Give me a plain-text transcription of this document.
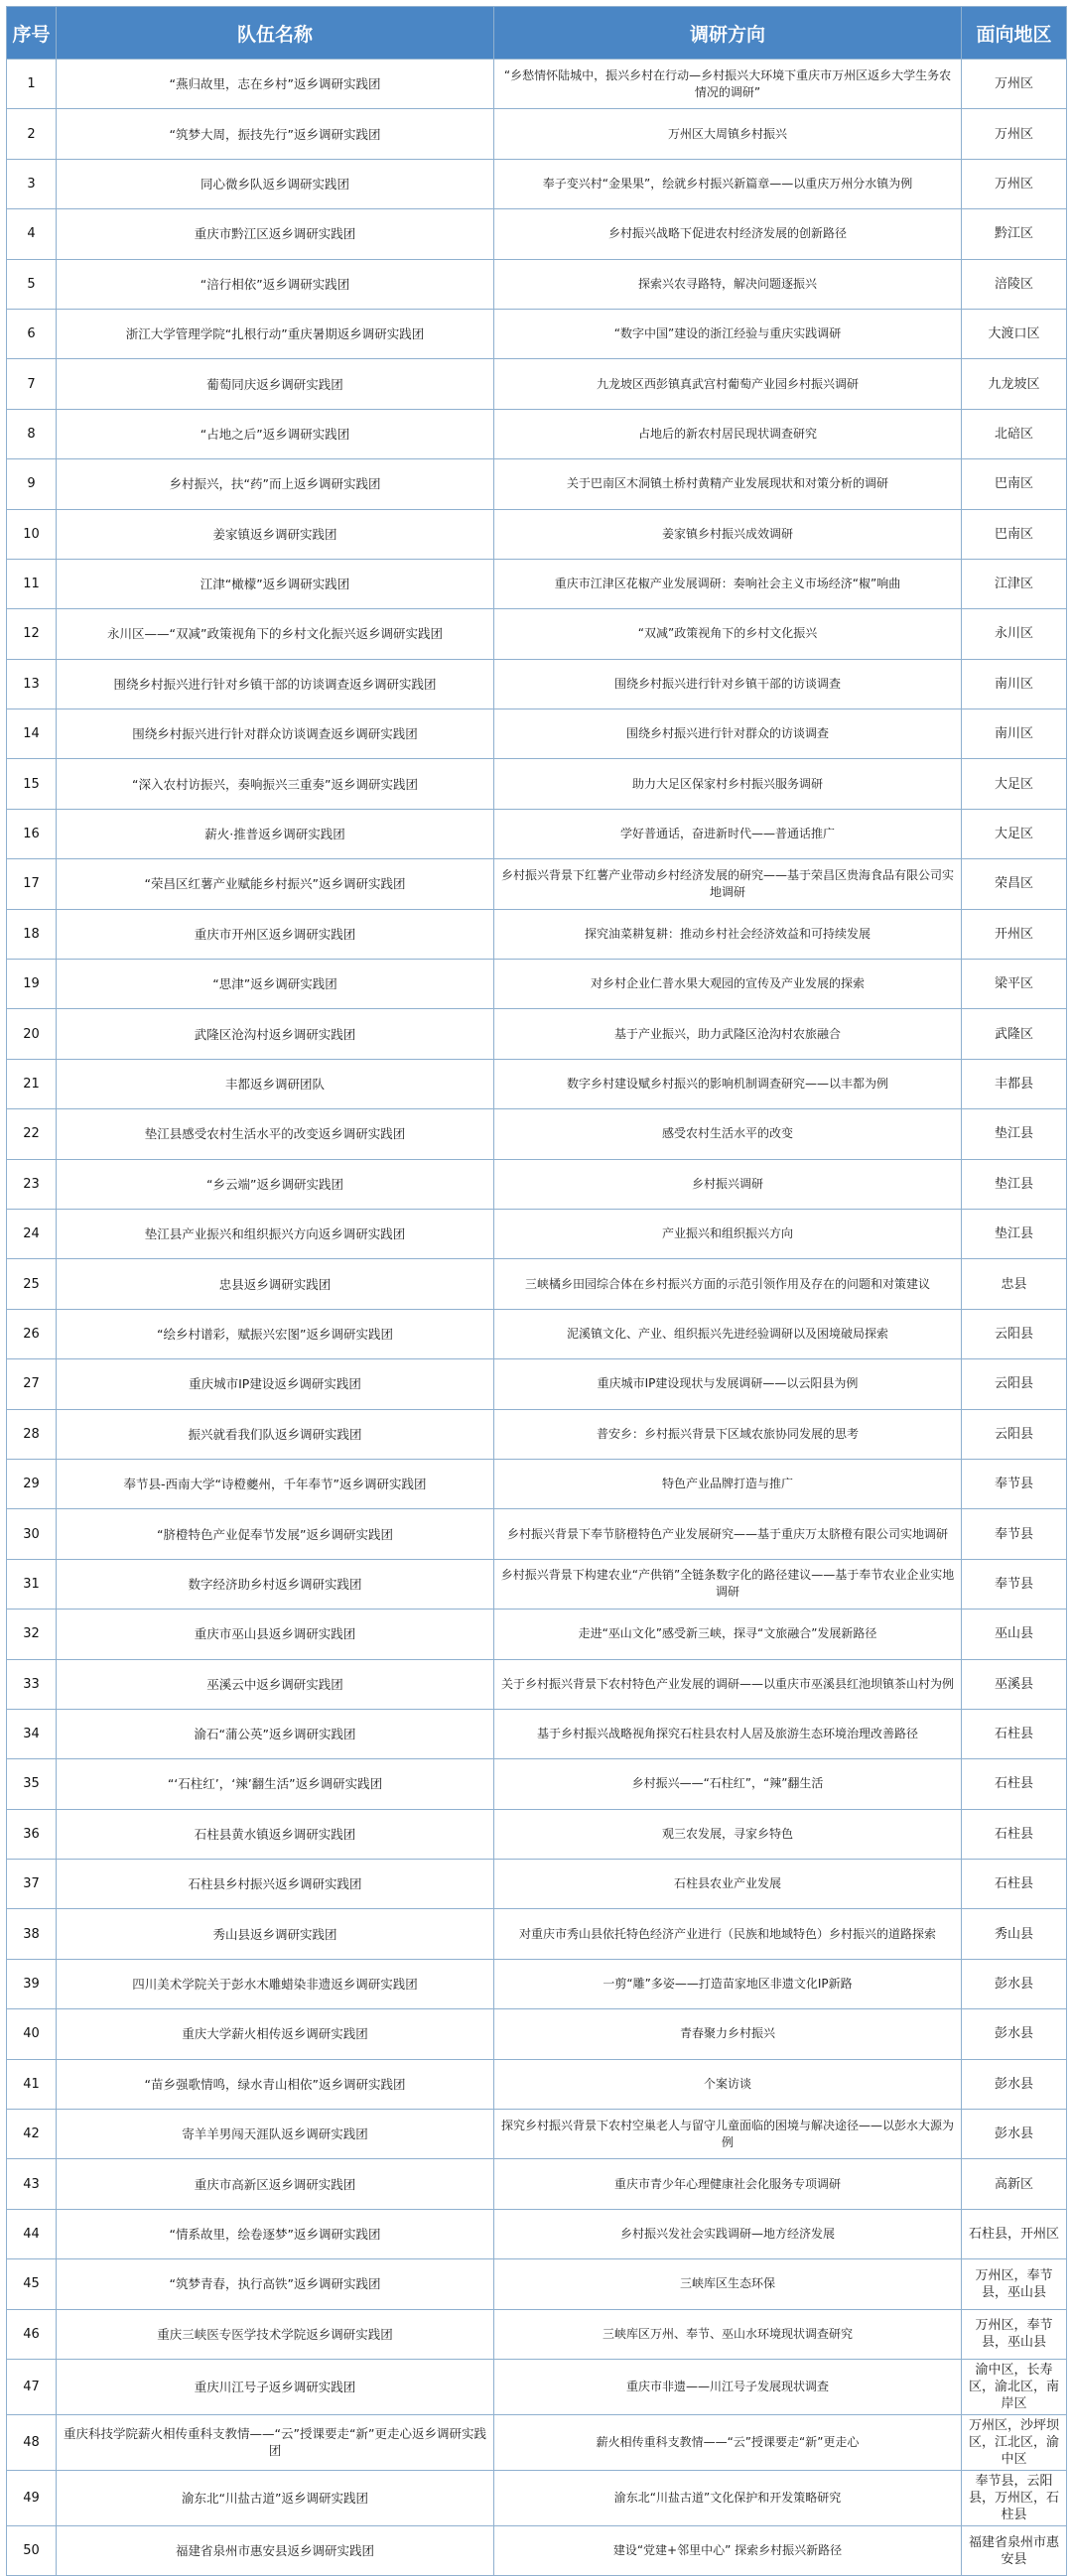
序号	队伍名称	调研方向	面向地区
1	“燕归故里，志在乡村”返乡调研实践团	“乡愁情怀陆城中，振兴乡村在行动—乡村振兴大环境下重庆市万州区返乡大学生务农情况的调研”	万州区
2	“筑梦大周，振技先行”返乡调研实践团	万州区大周镇乡村振兴	万州区
3	同心微乡队返乡调研实践团	奉子变兴村“金果果”，绘就乡村振兴新篇章——以重庆万州分水镇为例	万州区
4	重庆市黔江区返乡调研实践团	乡村振兴战略下促进农村经济发展的创新路径	黔江区
5	“涪行相依”返乡调研实践团	探索兴农寻路特，解决问题逐振兴	涪陵区
6	浙江大学管理学院“扎根行动”重庆暑期返乡调研实践团	“数字中国”建设的浙江经验与重庆实践调研	大渡口区
7	葡萄同庆返乡调研实践团	九龙坡区西彭镇真武宫村葡萄产业园乡村振兴调研	九龙坡区
8	“占地之后”返乡调研实践团	占地后的新农村居民现状调查研究	北碚区
9	乡村振兴，扶“药”而上返乡调研实践团	关于巴南区木洞镇土桥村黄精产业发展现状和对策分析的调研	巴南区
10	姜家镇返乡调研实践团	姜家镇乡村振兴成效调研	巴南区
11	江津“橄檬”返乡调研实践团	重庆市江津区花椒产业发展调研：奏响社会主义市场经济“椒”响曲	江津区
12	永川区——“双减”政策视角下的乡村文化振兴返乡调研实践团	“双减”政策视角下的乡村文化振兴	永川区
13	围绕乡村振兴进行针对乡镇干部的访谈调查返乡调研实践团	围绕乡村振兴进行针对乡镇干部的访谈调查	南川区
14	围绕乡村振兴进行针对群众访谈调查返乡调研实践团	围绕乡村振兴进行针对群众的访谈调查	南川区
15	“深入农村访振兴，奏响振兴三重奏”返乡调研实践团	助力大足区保家村乡村振兴服务调研	大足区
16	薪火·推普返乡调研实践团	学好普通话，奋进新时代——普通话推广	大足区
17	“荣昌区红薯产业赋能乡村振兴”返乡调研实践团	乡村振兴背景下红薯产业带动乡村经济发展的研究——基于荣昌区贵海食品有限公司实地调研	荣昌区
18	重庆市开州区返乡调研实践团	探究油菜耕复耕：推动乡村社会经济效益和可持续发展	开州区
19	“思津”返乡调研实践团	对乡村企业仁普水果大观园的宣传及产业发展的探索	梁平区
20	武隆区沧沟村返乡调研实践团	基于产业振兴，助力武隆区沧沟村农旅融合	武隆区
21	丰都返乡调研团队	数字乡村建设赋乡村振兴的影响机制调查研究——以丰都为例	丰都县
22	垫江县感受农村生活水平的改变返乡调研实践团	感受农村生活水平的改变	垫江县
23	“乡云端”返乡调研实践团	乡村振兴调研	垫江县
24	垫江县产业振兴和组织振兴方向返乡调研实践团	产业振兴和组织振兴方向	垫江县
25	忠县返乡调研实践团	三峡橘乡田园综合体在乡村振兴方面的示范引领作用及存在的问题和对策建议	忠县
26	“绘乡村谱彩，赋振兴宏图”返乡调研实践团	泥溪镇文化、产业、组织振兴先进经验调研以及困境破局探索	云阳县
27	重庆城市IP建设返乡调研实践团	重庆城市IP建设现状与发展调研——以云阳县为例	云阳县
28	振兴就看我们队返乡调研实践团	普安乡：乡村振兴背景下区域农旅协同发展的思考	云阳县
29	奉节县-西南大学“诗橙夔州，千年奉节”返乡调研实践团	特色产业品牌打造与推广	奉节县
30	“脐橙特色产业促奉节发展”返乡调研实践团	乡村振兴背景下奉节脐橙特色产业发展研究——基于重庆万太脐橙有限公司实地调研	奉节县
31	数字经济助乡村返乡调研实践团	乡村振兴背景下构建农业“产供销”全链条数字化的路径建议——基于奉节农业企业实地调研	奉节县
32	重庆市巫山县返乡调研实践团	走进“巫山文化”感受新三峡，探寻“文旅融合”发展新路径	巫山县
33	巫溪云中返乡调研实践团	关于乡村振兴背景下农村特色产业发展的调研——以重庆市巫溪县红池坝镇茶山村为例	巫溪县
34	渝石“蒲公英”返乡调研实践团	基于乡村振兴战略视角探究石柱县农村人居及旅游生态环境治理改善路径	石柱县
35	“‘石柱红’，‘辣’翻生活”返乡调研实践团	乡村振兴——“石柱红”，“辣”翻生活	石柱县
36	石柱县黄水镇返乡调研实践团	观三农发展，寻家乡特色	石柱县
37	石柱县乡村振兴返乡调研实践团	石柱县农业产业发展	石柱县
38	秀山县返乡调研实践团	对重庆市秀山县依托特色经济产业进行（民族和地域特色）乡村振兴的道路探索	秀山县
39	四川美术学院关于彭水木雕蜡染非遗返乡调研实践团	一剪“雕”多姿——打造苗家地区非遗文化IP新路	彭水县
40	重庆大学薪火相传返乡调研实践团	青春聚力乡村振兴	彭水县
41	“苗乡强歌情鸣，绿水青山相依”返乡调研实践团	个案访谈	彭水县
42	寄羊羊男闯天涯队返乡调研实践团	探究乡村振兴背景下农村空巢老人与留守儿童面临的困境与解决途径——以彭水大源为例	彭水县
43	重庆市高新区返乡调研实践团	重庆市青少年心理健康社会化服务专项调研	高新区
44	“情系故里，绘卷逐梦”返乡调研实践团	乡村振兴发社会实践调研—地方经济发展	石柱县，开州区
45	“筑梦青春，执行高铁”返乡调研实践团	三峡库区生态环保	万州区，奉节县，巫山县
46	重庆三峡医专医学技术学院返乡调研实践团	三峡库区万州、奉节、巫山水环境现状调查研究	万州区，奉节县，巫山县
47	重庆川江号子返乡调研实践团	重庆市非遗——川江号子发展现状调查	渝中区，长寿区，渝北区，南岸区
48	重庆科技学院薪火相传重科支教情——“云”授课要走“新”更走心返乡调研实践团	薪火相传重科支教情——“云”授课要走“新”更走心	万州区，沙坪坝区，江北区，渝中区
49	渝东北“川盐古道”返乡调研实践团	渝东北“川盐古道”文化保护和开发策略研究	奉节县，云阳县，万州区，石柱县
50	福建省泉州市惠安县返乡调研实践团	建设“党建+邻里中心” 探索乡村振兴新路径	福建省泉州市惠安县
